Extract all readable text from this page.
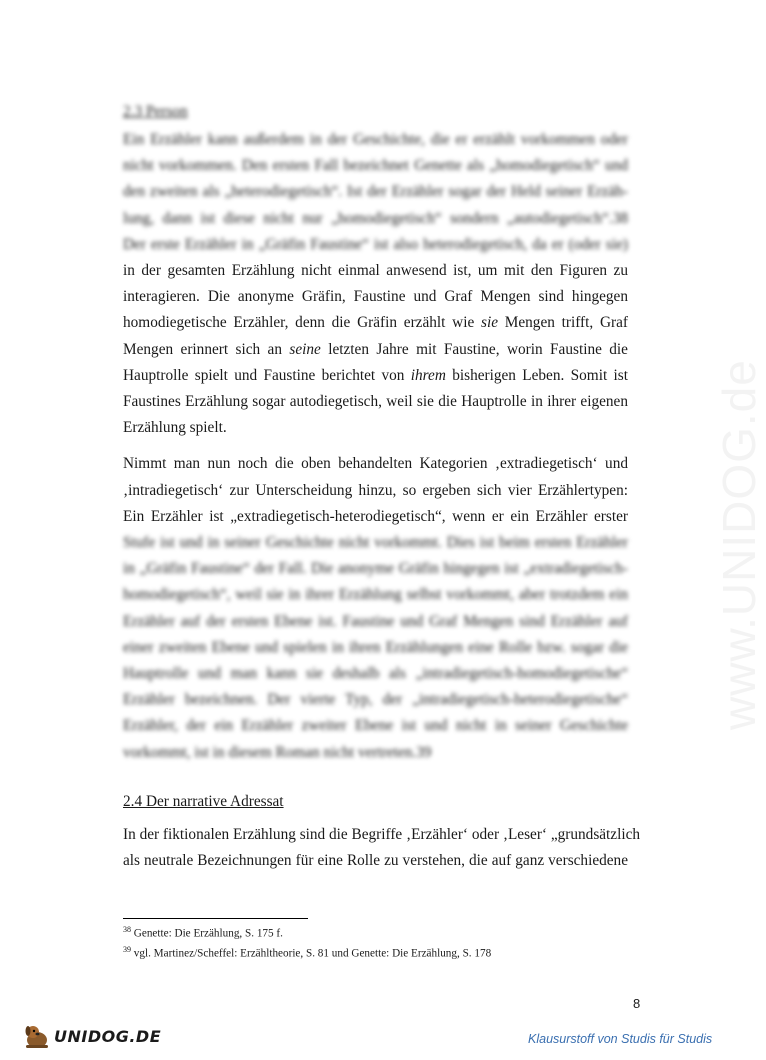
www.UNIDOG.de
2.3 Person
Ein Erzähler kann außerdem in der Geschichte, die er erzählt vorkommen oder
nicht vorkommen. Den ersten Fall bezeichnet Genette als „homodiegetisch“ und
den zweiten als „heterodiegetisch“. Ist der Erzähler sogar der Held seiner Erzäh-
lung, dann ist diese nicht nur „homodiegetisch“ sondern „autodiegetisch“.38
Der erste Erzähler in „Gräfin Faustine“ ist also heterodiegetisch, da er (oder sie)
in der gesamten Erzählung nicht einmal anwesend ist, um mit den Figuren zu
interagieren. Die anonyme Gräfin, Faustine und Graf Mengen sind hingegen
homodiegetische Erzähler, denn die Gräfin erzählt wie sie Mengen trifft, Graf
Mengen erinnert sich an seine letzten Jahre mit Faustine, worin Faustine die
Hauptrolle spielt und Faustine berichtet von ihrem bisherigen Leben. Somit ist
Faustines Erzählung sogar autodiegetisch, weil sie die Hauptrolle in ihrer eigenen
Erzählung spielt.
Nimmt man nun noch die oben behandelten Kategorien ‚extradiegetisch‘ und
‚intradiegetisch‘ zur Unterscheidung hinzu, so ergeben sich vier Erzählertypen:
Ein Erzähler ist „extradiegetisch-heterodiegetisch“, wenn er ein Erzähler erster
Stufe ist und in seiner Geschichte nicht vorkommt. Dies ist beim ersten Erzähler
in „Gräfin Faustine“ der Fall. Die anonyme Gräfin hingegen ist „extradiegetisch-
homodiegetisch“, weil sie in ihrer Erzählung selbst vorkommt, aber trotzdem ein
Erzähler auf der ersten Ebene ist. Faustine und Graf Mengen sind Erzähler auf
einer zweiten Ebene und spielen in ihren Erzählungen eine Rolle bzw. sogar die
Hauptrolle und man kann sie deshalb als „intradiegetisch-homodiegetische“
Erzähler bezeichnen. Der vierte Typ, der „intradiegetisch-heterodiegetische“
Erzähler, der ein Erzähler zweiter Ebene ist und nicht in seiner Geschichte
vorkommt, ist in diesem Roman nicht vertreten.39
2.4 Der narrative Adressat
In der fiktionalen Erzählung sind die Begriffe ‚Erzähler‘ oder ‚Leser‘ „grundsätzlich
als neutrale Bezeichnungen für eine Rolle zu verstehen, die auf ganz verschiedene
$^{38}$ Genette: Die Erzählung, S. 175 f.
$^{39}$ vgl. Martinez/Scheffel: Erzähltheorie, S. 81 und Genette: Die Erzählung, S. 178
8
UNIDOG.DE	Klausurstoff von Studis für Studis
